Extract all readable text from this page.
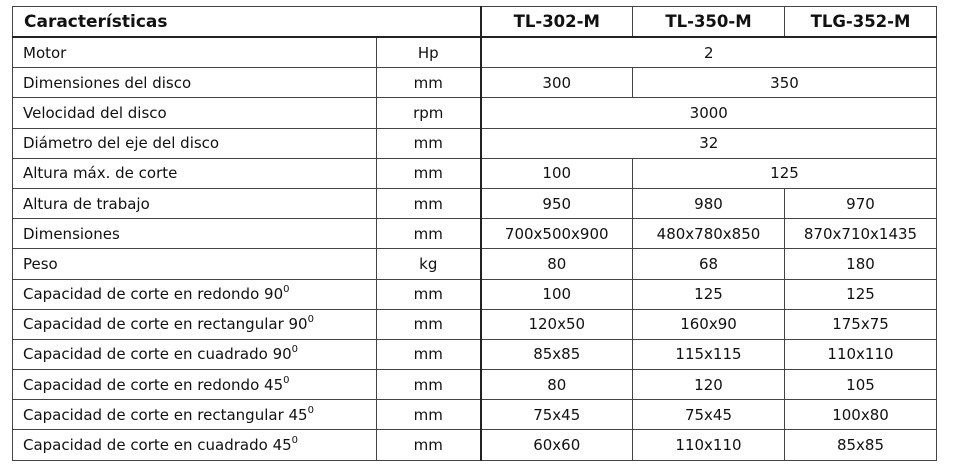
Características		TL-302-M	TL-350-M	TLG-352-M
Motor	Hp	2		
Dimensiones del disco	mm	300	350	
Velocidad del disco	rpm	3000		
Diámetro del eje del disco	mm	32		
Altura máx. de corte	mm	100	125	
Altura de trabajo	mm	950	980	970
Dimensiones	mm	700x500x900	480x780x850	870x710x1435
Peso	kg	80	68	180
Capacidad de corte en redondo $90^0$	mm	100	125	125
Capacidad de corte en rectangular $90^0$	mm	120x50	160x90	175x75
Capacidad de corte en cuadrado $90^0$	mm	85x85	115x115	110x110
Capacidad de corte en redondo $45^0$	mm	80	120	105
Capacidad de corte en rectangular $45^0$	mm	75x45	75x45	100x80
Capacidad de corte en cuadrado $45^0$	mm	60x60	110x110	85x85
